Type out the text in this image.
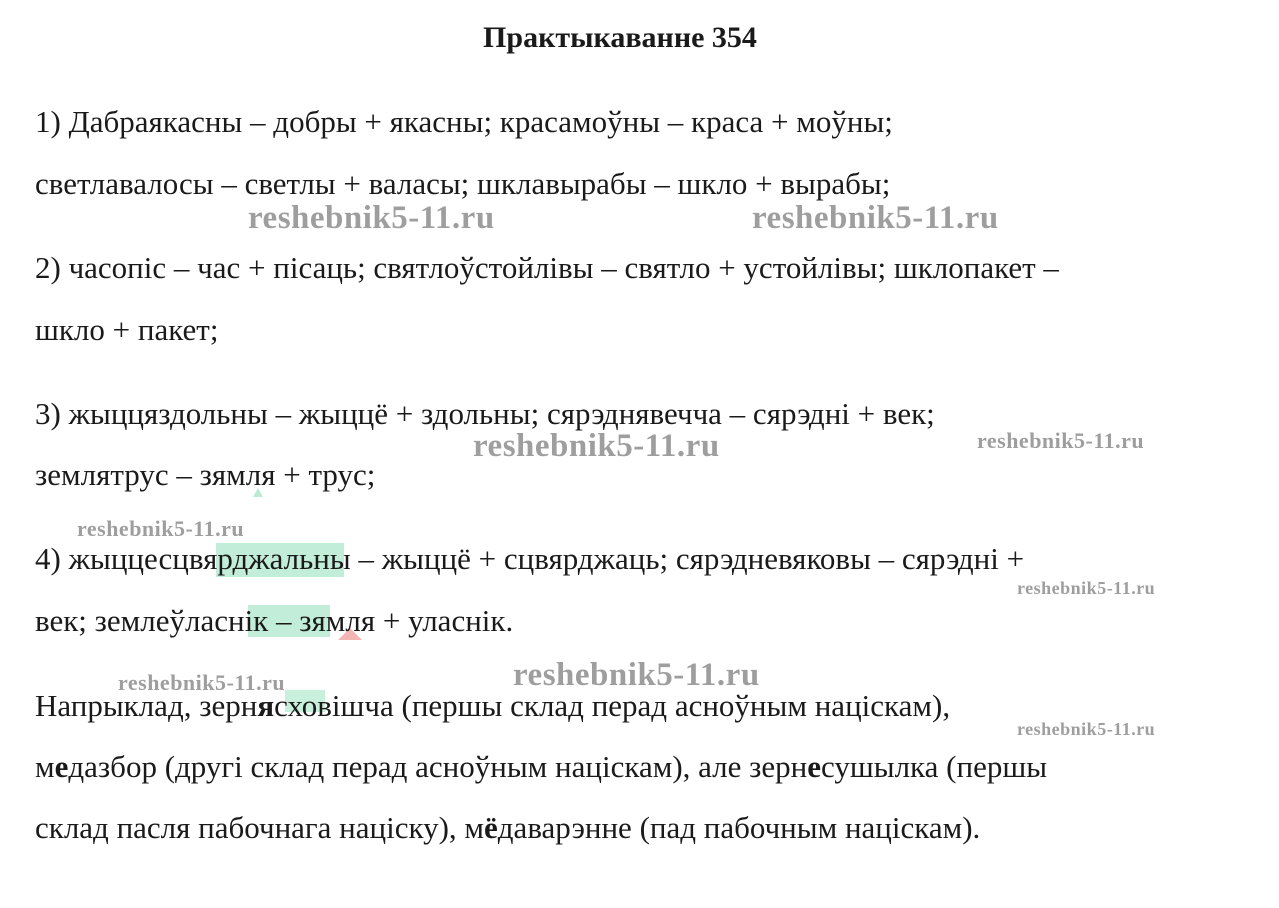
Практыкаванне 354

1) Дабраякасны – добры + якасны; красамоўны – краса + моўны;

светлавалосы – светлы + валасы; шклавырабы – шкло + вырабы;

2) часопіс – час + пісаць; святлоўстойлівы – святло + устойлівы; шклопакет –

шкло + пакет;

3) жыццяздольны – жыццё + здольны; сярэднявечча – сярэдні + век;

землятрус – зямля + трус;

4) жыццесцвярджальны – жыццё + сцвярджаць; сярэдневяковы – сярэдні +

век; землеўласнік – зямля + уласнік.

Напрыклад, зернясховішча (першы склад перад асноўным націскам),

медазбор (другі склад перад асноўным націскам), але зернесушылка (першы

склад пасля пабочнага націску), мёдаварэнне (пад пабочным націскам).

reshebnik5-11.ru	reshebnik5-11.ru
reshebnik5-11.ru	reshebnik5-11.ru
reshebnik5-11.ru
reshebnik5-11.ru
reshebnik5-11.ru	reshebnik5-11.ru
reshebnik5-11.ru
